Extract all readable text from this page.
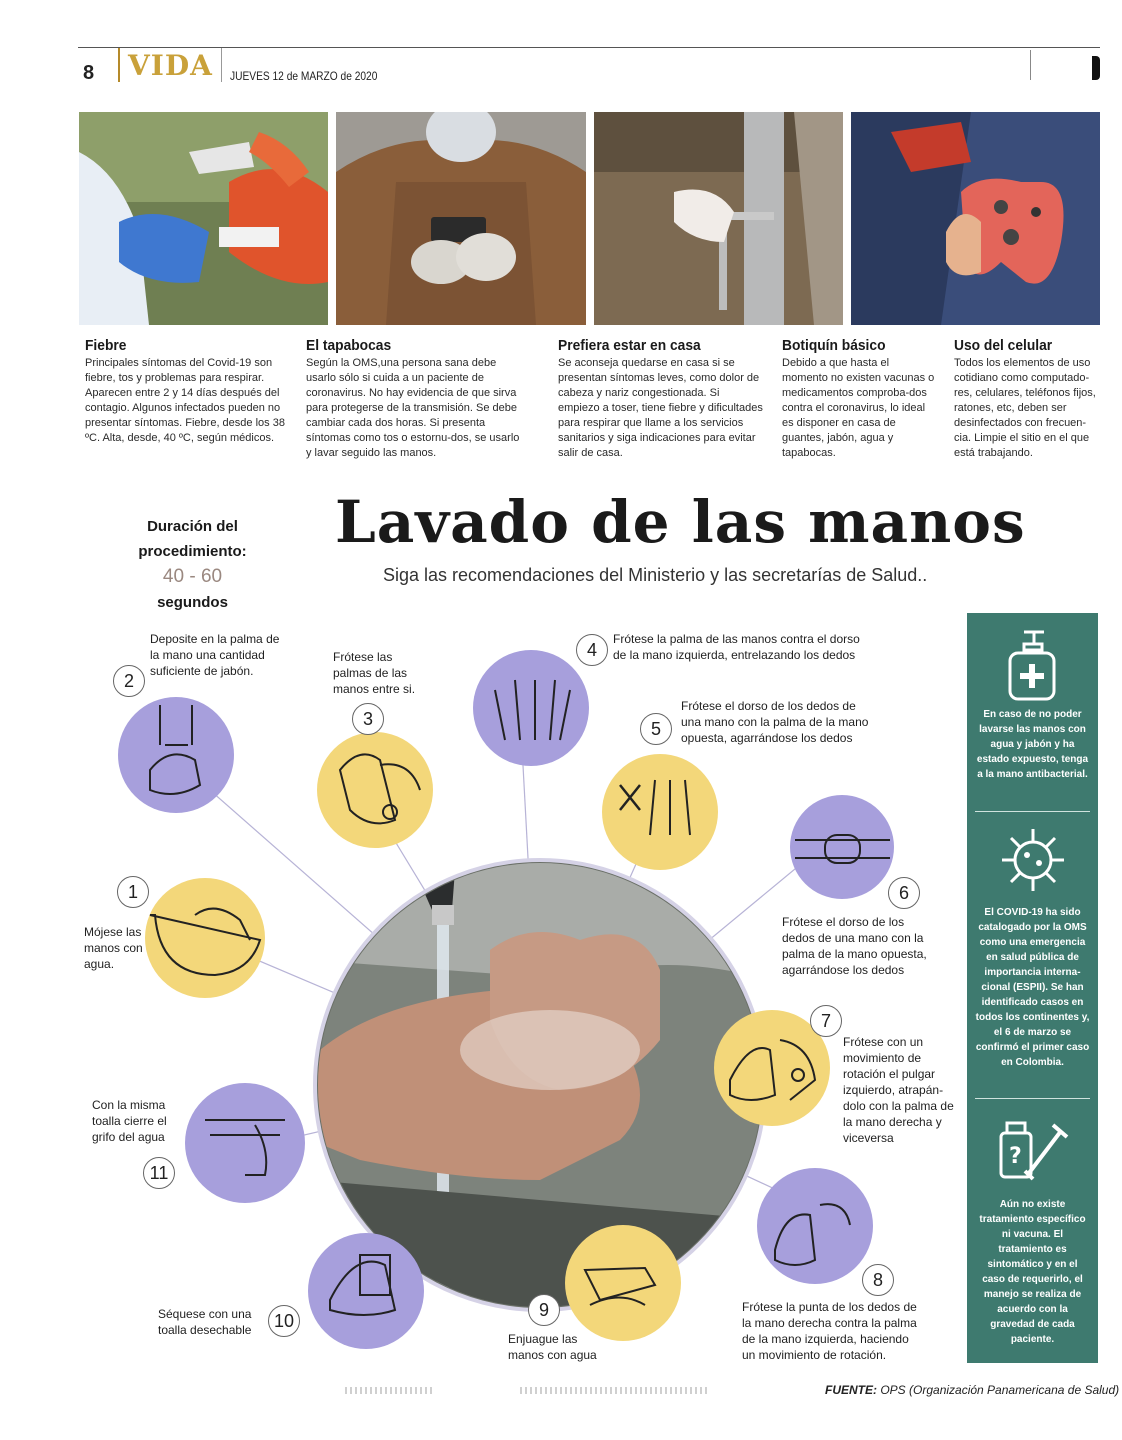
8	VIDA	JUEVES 12 de MARZO de 2020
Fiebre

Principales síntomas del Covid-19 son fiebre, tos y problemas para respirar. Aparecen entre 2 y 14 días después del contagio. Algunos infectados pueden no presentar síntomas. Fiebre, desde los 38 ºC. Alta, desde, 40 ºC, según médicos.

El tapabocas

Según la OMS,una persona sana debe usarlo sólo si cuida a un paciente de coronavirus. No hay evidencia de que sirva para protegerse de la transmisión. Se debe cambiar cada dos horas. Si presenta síntomas como tos o estornu-dos, se usarlo y lavar seguido las manos.

Prefiera estar en casa

Se aconseja quedarse en casa si se presentan síntomas leves, como dolor de cabeza y nariz congestionada. Si empiezo a toser, tiene fiebre y dificultades para respirar que llame a los servicios sanitarios y siga indicaciones para evitar salir de casa.

Botiquín básico

Debido a que hasta el momento no existen vacunas o medicamentos comproba-dos contra el coronavirus, lo ideal es disponer en casa de guantes, jabón, agua y tapabocas.

Uso del celular

Todos los elementos de uso cotidiano como computado-res, celulares, teléfonos fijos, ratones, etc, deben ser desinfectados con frecuen-cia. Limpie el sitio en el que está trabajando.

Duración del
procedimiento:
40 - 60
segundos
Lavado de las manos
Siga las recomendaciones del Ministerio y las secretarías de Salud..
2
3
4
5
6
1
7
11
8
10
9
Deposite en la palma de la mano una cantidad suficiente de jabón.
Frótese las palmas de las manos entre si.
Frótese la palma de las manos contra el dorso de la mano izquierda, entrelazando los dedos
Frótese el dorso de los dedos de una mano con la palma de la mano opuesta, agarrándose los dedos
Frótese el dorso de los dedos de una mano con la palma de la mano opuesta, agarrándose los dedos
Mójese las manos con agua.
Frótese con un movimiento de rotación el pulgar izquierdo, atrapán-dolo con la palma de la mano derecha y viceversa
Con la misma toalla cierre el grifo del agua
Frótese la punta de los dedos de la mano derecha contra la palma de la mano izquierda, haciendo un movimiento de rotación.
Séquese con una toalla desechable
Enjuague las manos con agua

En caso de no poder lavarse las manos con agua y jabón y ha estado expuesto, tenga a la mano antibacterial.

El COVID-19 ha sido catalogado por la OMS como una emergencia en salud pública de importancia interna-cional (ESPII). Se han identificado casos en todos los continentes y, el 6 de marzo se confirmó el primer caso en Colombia.

?

Aún no existe tratamiento específico ni vacuna. El tratamiento es sintomático y en el caso de requerirlo, el manejo se realiza de acuerdo con la gravedad de cada paciente.

FUENTE: OPS (Organización Panamericana de Salud)
